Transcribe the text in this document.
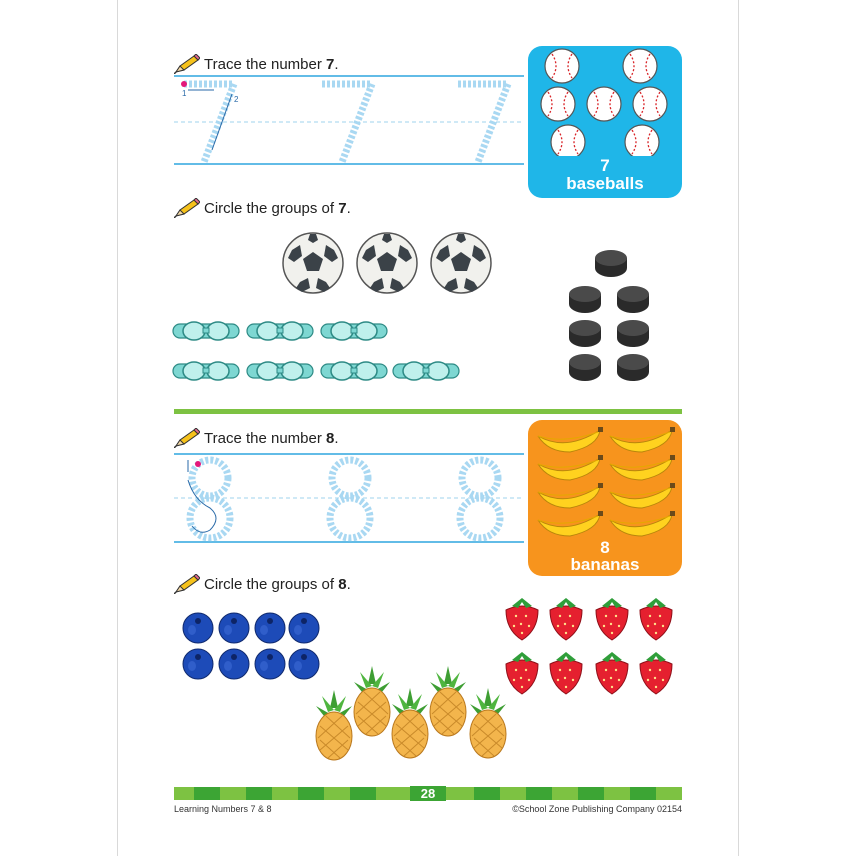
Trace the number 7.
1
2
7
baseballs
Circle the groups of 7.
Trace the number 8.
8
bananas
Circle the groups of 8.
28
Learning Numbers 7 & 8	©School Zone Publishing Company 02154
